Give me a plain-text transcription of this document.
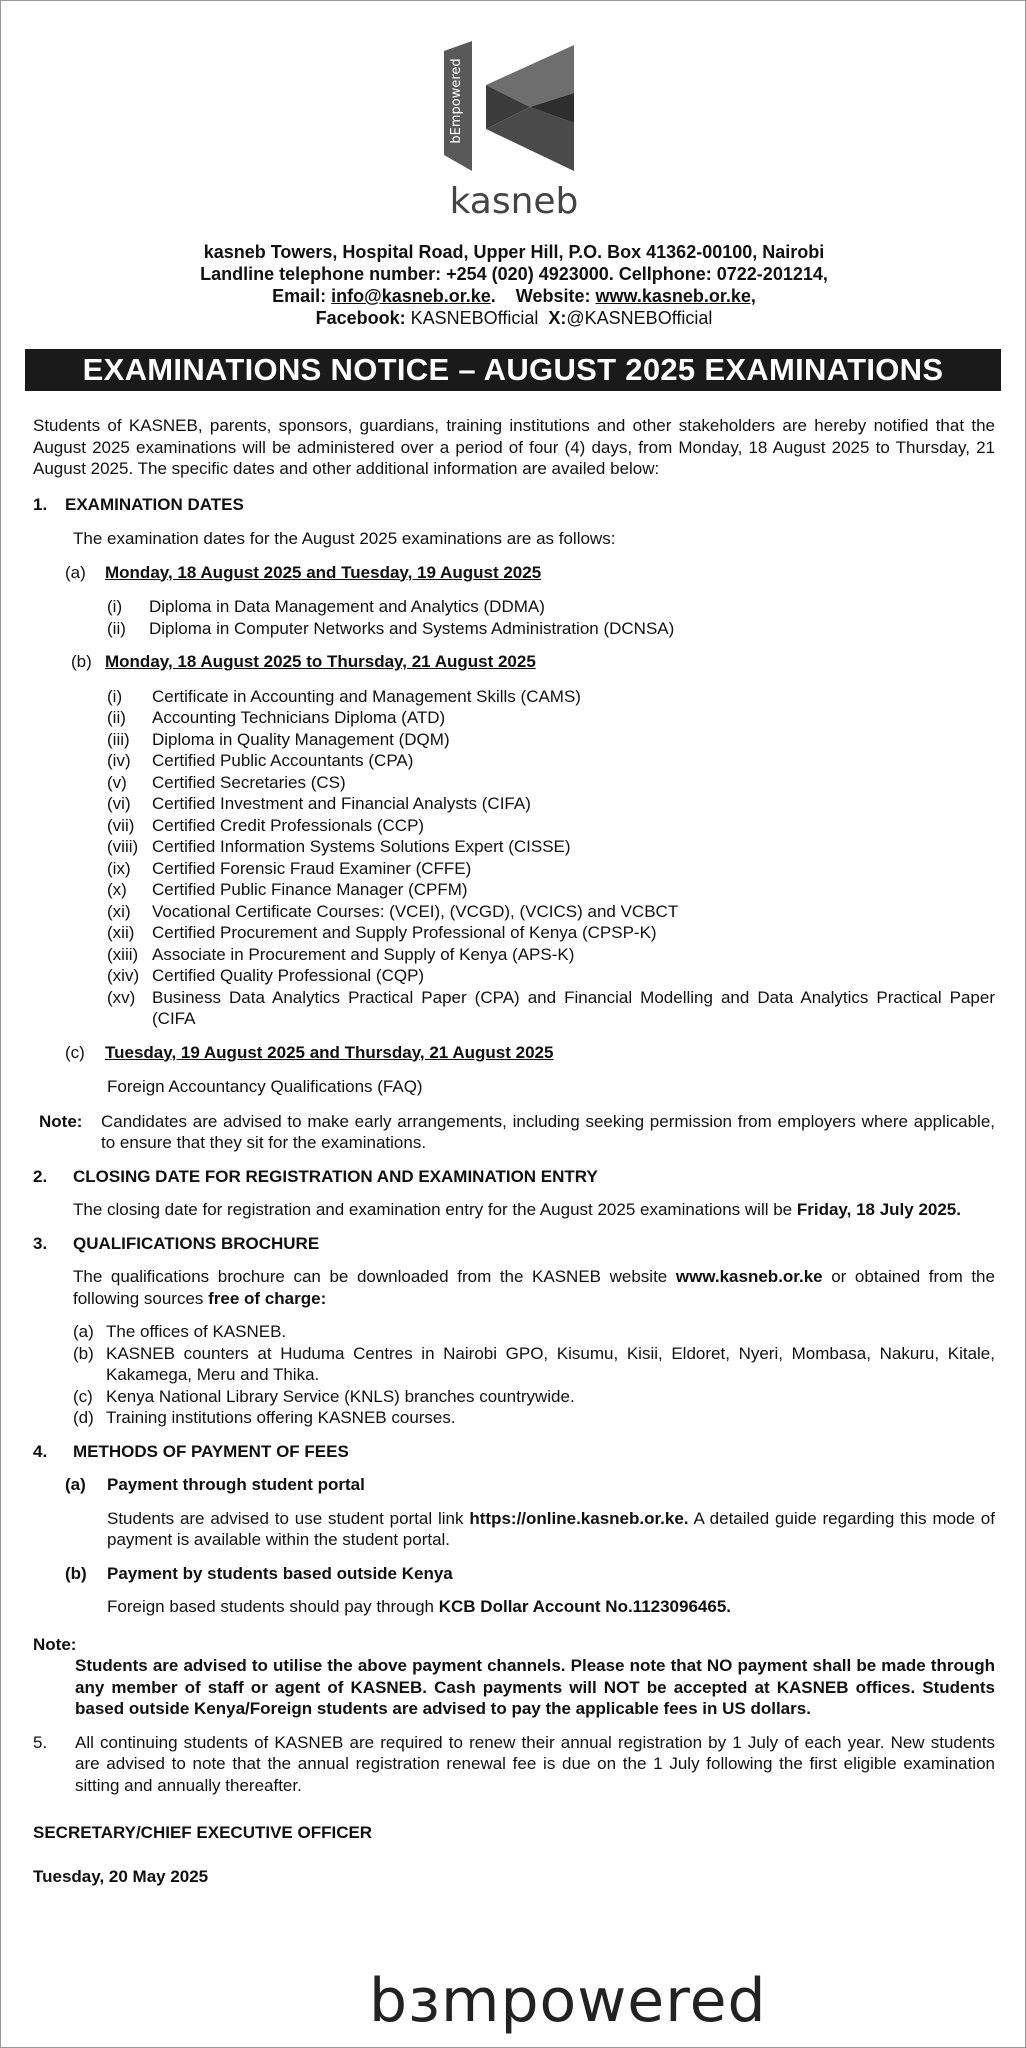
bEmpowered
kasneb
kasneb Towers, Hospital Road, Upper Hill, P.O. Box 41362-00100, Nairobi
Landline telephone number: +254 (020) 4923000. Cellphone: 0722-201214,
Email: info@kasneb.or.ke.    Website: www.kasneb.or.ke,
Facebook: KASNEBOfficial X:@KASNEBOfficial
EXAMINATIONS NOTICE – AUGUST 2025 EXAMINATIONS

Students of KASNEB, parents, sponsors, guardians, training institutions and other stakeholders are hereby notified that the August 2025 examinations will be administered over a period of four (4) days, from Monday, 18 August 2025 to Thursday, 21 August 2025. The specific dates and other additional information are availed below:

1.	EXAMINATION DATES

The examination dates for the August 2025 examinations are as follows:

(a)	Monday, 18 August 2025 and Tuesday, 19 August 2025
(i)	Diploma in Data Management and Analytics (DDMA)
(ii)	Diploma in Computer Networks and Systems Administration (DCNSA)
(b) Monday, 18 August 2025 to Thursday, 21 August 2025
(i)	Certificate in Accounting and Management Skills (CAMS)
(ii)	Accounting Technicians Diploma (ATD)
(iii)	Diploma in Quality Management (DQM)
(iv)	Certified Public Accountants (CPA)
(v)	Certified Secretaries (CS)
(vi)	Certified Investment and Financial Analysts (CIFA)
(vii)	Certified Credit Professionals (CCP)
(viii) Certified Information Systems Solutions Expert (CISSE)
(ix)	Certified Forensic Fraud Examiner (CFFE)
(x)	Certified Public Finance Manager (CPFM)
(xi)	Vocational Certificate Courses: (VCEI), (VCGD), (VCICS) and VCBCT
(xii)	Certified Procurement and Supply Professional of Kenya (CPSP-K)
(xiii) Associate in Procurement and Supply of Kenya (APS-K)
(xiv) Certified Quality Professional (CQP)
(xv) Business Data Analytics Practical Paper (CPA) and Financial Modelling and Data Analytics Practical Paper (CIFA
(c)	Tuesday, 19 August 2025 and Thursday, 21 August 2025

Foreign Accountancy Qualifications (FAQ)

Note:	Candidates are advised to make early arrangements, including seeking permission from employers where applicable, to ensure that they sit for the examinations.
2.	CLOSING DATE FOR REGISTRATION AND EXAMINATION ENTRY

The closing date for registration and examination entry for the August 2025 examinations will be Friday, 18 July 2025.

3.	QUALIFICATIONS BROCHURE

The qualifications brochure can be downloaded from the KASNEB website www.kasneb.or.ke or obtained from the following sources free of charge:

(a) The offices of KASNEB.
(b) KASNEB counters at Huduma Centres in Nairobi GPO, Kisumu, Kisii, Eldoret, Nyeri, Mombasa, Nakuru, Kitale, Kakamega, Meru and Thika.
(c) Kenya National Library Service (KNLS) branches countrywide.
(d) Training institutions offering KASNEB courses.
4.	METHODS OF PAYMENT OF FEES
(a)	Payment through student portal

Students are advised to use student portal link https://online.kasneb.or.ke. A detailed guide regarding this mode of payment is available within the student portal.

(b)	Payment by students based outside Kenya

Foreign based students should pay through KCB Dollar Account No.1123096465.

Note:

Students are advised to utilise the above payment channels. Please note that NO payment shall be made through any member of staff or agent of KASNEB. Cash payments will NOT be accepted at KASNEB offices. Students based outside Kenya/Foreign students are advised to pay the applicable fees in US dollars.

5.	All continuing students of KASNEB are required to renew their annual registration by 1 July of each year. New students are advised to note that the annual registration renewal fee is due on the 1 July following the first eligible examination sitting and annually thereafter.

SECRETARY/CHIEF EXECUTIVE OFFICER

Tuesday, 20 May 2025

bɜmpowered
